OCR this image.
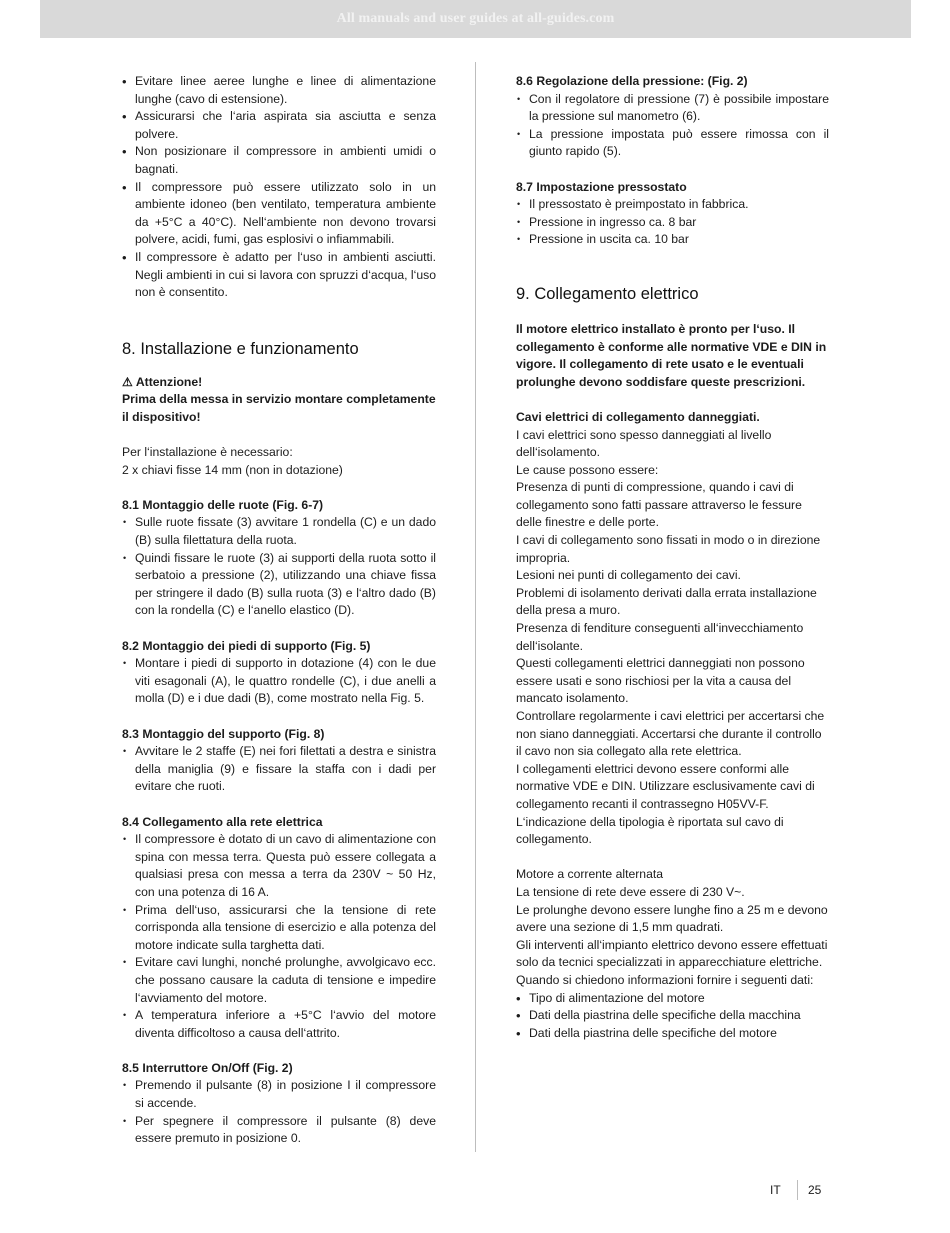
All manuals and user guides at all-guides.com
• Evitare linee aeree lunghe e linee di alimentazione lunghe (cavo di estensione).
• Assicurarsi che l‘aria aspirata sia asciutta e senza polvere.
• Non posizionare il compressore in ambienti umidi o bagnati.
• Il compressore può essere utilizzato solo in un ambiente idoneo (ben ventilato, temperatura ambiente da +5°C a 40°C). Nell‘ambiente non devono trovarsi polvere, acidi, fumi, gas esplosivi o infiammabili.
• Il compressore è adatto per l‘uso in ambienti asciutti. Negli ambienti in cui si lavora con spruzzi d‘acqua, l‘uso non è consentito.
8. Installazione e funzionamento
⚠ Attenzione!
Prima della messa in servizio montare completamente il dispositivo!
Per l‘installazione è necessario:
2 x chiavi fisse 14 mm (non in dotazione)
8.1 Montaggio delle ruote (Fig. 6-7)
• Sulle ruote fissate (3) avvitare 1 rondella (C) e un dado (B) sulla filettatura della ruota.
• Quindi fissare le ruote (3) ai supporti della ruota sotto il serbatoio a pressione (2), utilizzando una chiave fissa per stringere il dado (B) sulla ruota (3) e l‘altro dado (B) con la rondella (C) e l‘anello elastico (D).
8.2 Montaggio dei piedi di supporto (Fig. 5)
• Montare i piedi di supporto in dotazione (4) con le due viti esagonali (A), le quattro rondelle (C), i due anelli a molla (D) e i due dadi (B), come mostrato nella Fig. 5.
8.3 Montaggio del supporto (Fig. 8)
• Avvitare le 2 staffe (E) nei fori filettati a destra e sinistra della maniglia (9) e fissare la staffa con i dadi per evitare che ruoti.
8.4 Collegamento alla rete elettrica
• Il compressore è dotato di un cavo di alimentazione con spina con messa terra. Questa può essere collegata a qualsiasi presa con messa a terra da 230V ~ 50 Hz, con una potenza di 16 A.
• Prima dell‘uso, assicurarsi che la tensione di rete corrisponda alla tensione di esercizio e alla potenza del motore indicate sulla targhetta dati.
• Evitare cavi lunghi, nonché prolunghe, avvolgicavo ecc. che possano causare la caduta di tensione e impedire l‘avviamento del motore.
• A temperatura inferiore a +5°C l‘avvio del motore diventa difficoltoso a causa dell‘attrito.
8.5 Interruttore On/Off (Fig. 2)
• Premendo il pulsante (8) in posizione I il compressore si accende.
• Per spegnere il compressore il pulsante (8) deve essere premuto in posizione 0.
8.6 Regolazione della pressione: (Fig. 2)
• Con il regolatore di pressione (7) è possibile impostare la pressione sul manometro (6).
• La pressione impostata può essere rimossa con il giunto rapido (5).
8.7 Impostazione pressostato
• Il pressostato è preimpostato in fabbrica.
• Pressione in ingresso ca. 8 bar
• Pressione in uscita ca. 10 bar
9. Collegamento elettrico
Il motore elettrico installato è pronto per l‘uso. Il collegamento è conforme alle normative VDE e DIN in vigore. Il collegamento di rete usato e le eventuali prolunghe devono soddisfare queste prescrizioni.
Cavi elettrici di collegamento danneggiati.
I cavi elettrici sono spesso danneggiati al livello dell‘isolamento.
Le cause possono essere:
Presenza di punti di compressione, quando i cavi di collegamento sono fatti passare attraverso le fessure delle finestre e delle porte.
I cavi di collegamento sono fissati in modo o in direzione impropria.
Lesioni nei punti di collegamento dei cavi.
Problemi di isolamento derivati dalla errata installazione della presa a muro.
Presenza di fenditure conseguenti all‘invecchiamento dell‘isolante.
Questi collegamenti elettrici danneggiati non possono essere usati e sono rischiosi per la vita a causa del mancato isolamento.
Controllare regolarmente i cavi elettrici per accertarsi che non siano danneggiati. Accertarsi che durante il controllo il cavo non sia collegato alla rete elettrica.
I collegamenti elettrici devono essere conformi alle normative VDE e DIN. Utilizzare esclusivamente cavi di collegamento recanti il contrassegno H05VV-F.
L‘indicazione della tipologia è riportata sul cavo di collegamento.
Motore a corrente alternata
La tensione di rete deve essere di 230 V~.
Le prolunghe devono essere lunghe fino a 25 m e devono avere una sezione di 1,5 mm quadrati.
Gli interventi all‘impianto elettrico devono essere effettuati solo da tecnici specializzati in apparecchiature elettriche.
Quando si chiedono informazioni fornire i seguenti dati:
• Tipo di alimentazione del motore
• Dati della piastrina delle specifiche della macchina
• Dati della piastrina delle specifiche del motore
IT	25
